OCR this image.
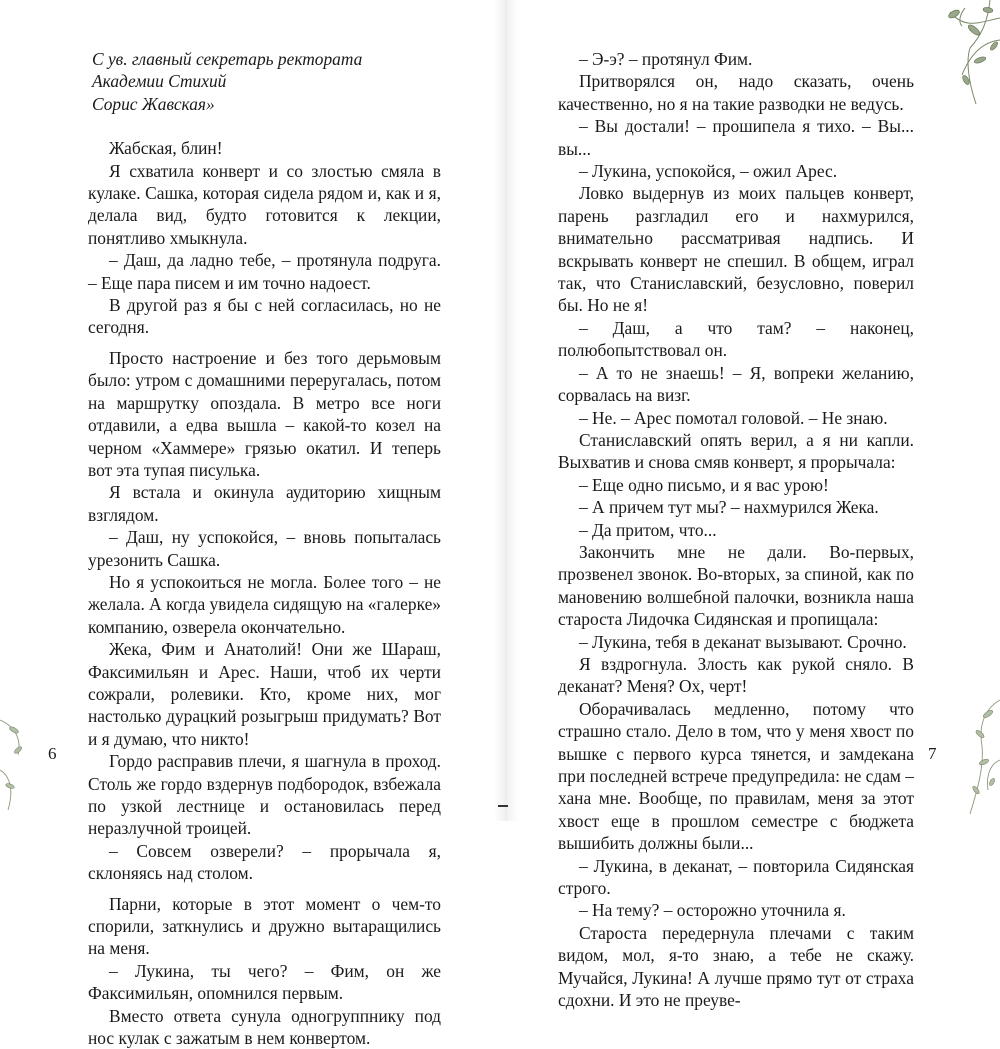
С ув. главный секретарь ректората
Академии Стихий
Сорис Жавская»

Жабская, блин!

Я схватила конверт и со злостью смяла в кулаке. Сашка, которая сидела рядом и, как и я, делала вид, будто готовится к лекции, понятливо хмыкнула.

– Даш, да ладно тебе, – протянула подруга. – Еще пара писем и им точно надоест.

В другой раз я бы с ней согласилась, но не сегодня.

Просто настроение и без того дерьмовым было: утром с домашними переругалась, потом на маршрутку опоздала. В метро все ноги отдавили, а едва вышла – какой-то козел на черном «Хаммере» грязью окатил. И теперь вот эта тупая писулька.

Я встала и окинула аудиторию хищным взглядом.

– Даш, ну успокойся, – вновь попыталась урезонить Сашка.

Но я успокоиться не могла. Более того – не желала. А когда увидела сидящую на «галерке» компанию, озверела окончательно.

Жека, Фим и Анатолий! Они же Шараш, Факсимильян и Арес. Наши, чтоб их черти сожрали, ролевики. Кто, кроме них, мог настолько дурацкий розыгрыш придумать? Вот и я думаю, что никто!

Гордо расправив плечи, я шагнула в проход. Столь же гордо вздернув подбородок, взбежала по узкой лестнице и остановилась перед неразлучной троицей.

– Совсем озверели? – прорычала я, склоняясь над столом.

Парни, которые в этот момент о чем-то спорили, заткнулись и дружно вытаращились на меня.

– Лукина, ты чего? – Фим, он же Факсимильян, опомнился первым.

Вместо ответа сунула одногруппнику под нос кулак с зажатым в нем конвертом.

6

– Э-э? – протянул Фим.

Притворялся он, надо сказать, очень качественно, но я на такие разводки не ведусь.

– Вы достали! – прошипела я тихо. – Вы... вы...

– Лукина, успокойся, – ожил Арес.

Ловко выдернув из моих пальцев конверт, парень разгладил его и нахмурился, внимательно рассматривая надпись. И вскрывать конверт не спешил. В общем, играл так, что Станиславский, безусловно, поверил бы. Но не я!

– Даш, а что там? – наконец, полюбопытствовал он.

– А то не знаешь! – Я, вопреки желанию, сорвалась на визг.

– Не. – Арес помотал головой. – Не знаю.

Станиславский опять верил, а я ни капли. Выхватив и снова смяв конверт, я прорычала:

– Еще одно письмо, и я вас урою!

– А причем тут мы? – нахмурился Жека.

– Да притом, что...

Закончить мне не дали. Во-первых, прозвенел звонок. Во-вторых, за спиной, как по мановению волшебной палочки, возникла наша староста Лидочка Сидянская и пропищала:

– Лукина, тебя в деканат вызывают. Срочно.

Я вздрогнула. Злость как рукой сняло. В деканат? Меня? Ох, черт!

Оборачивалась медленно, потому что страшно стало. Дело в том, что у меня хвост по вышке с первого курса тянется, и замдекана при последней встрече предупредила: не сдам – хана мне. Вообще, по правилам, меня за этот хвост еще в прошлом семестре с бюджета вышибить должны были...

– Лукина, в деканат, – повторила Сидянская строго.

– На тему? – осторожно уточнила я.

Староста передернула плечами с таким видом, мол, я-то знаю, а тебе не скажу. Мучайся, Лукина! А лучше прямо тут от страха сдохни. И это не преуве-

7
